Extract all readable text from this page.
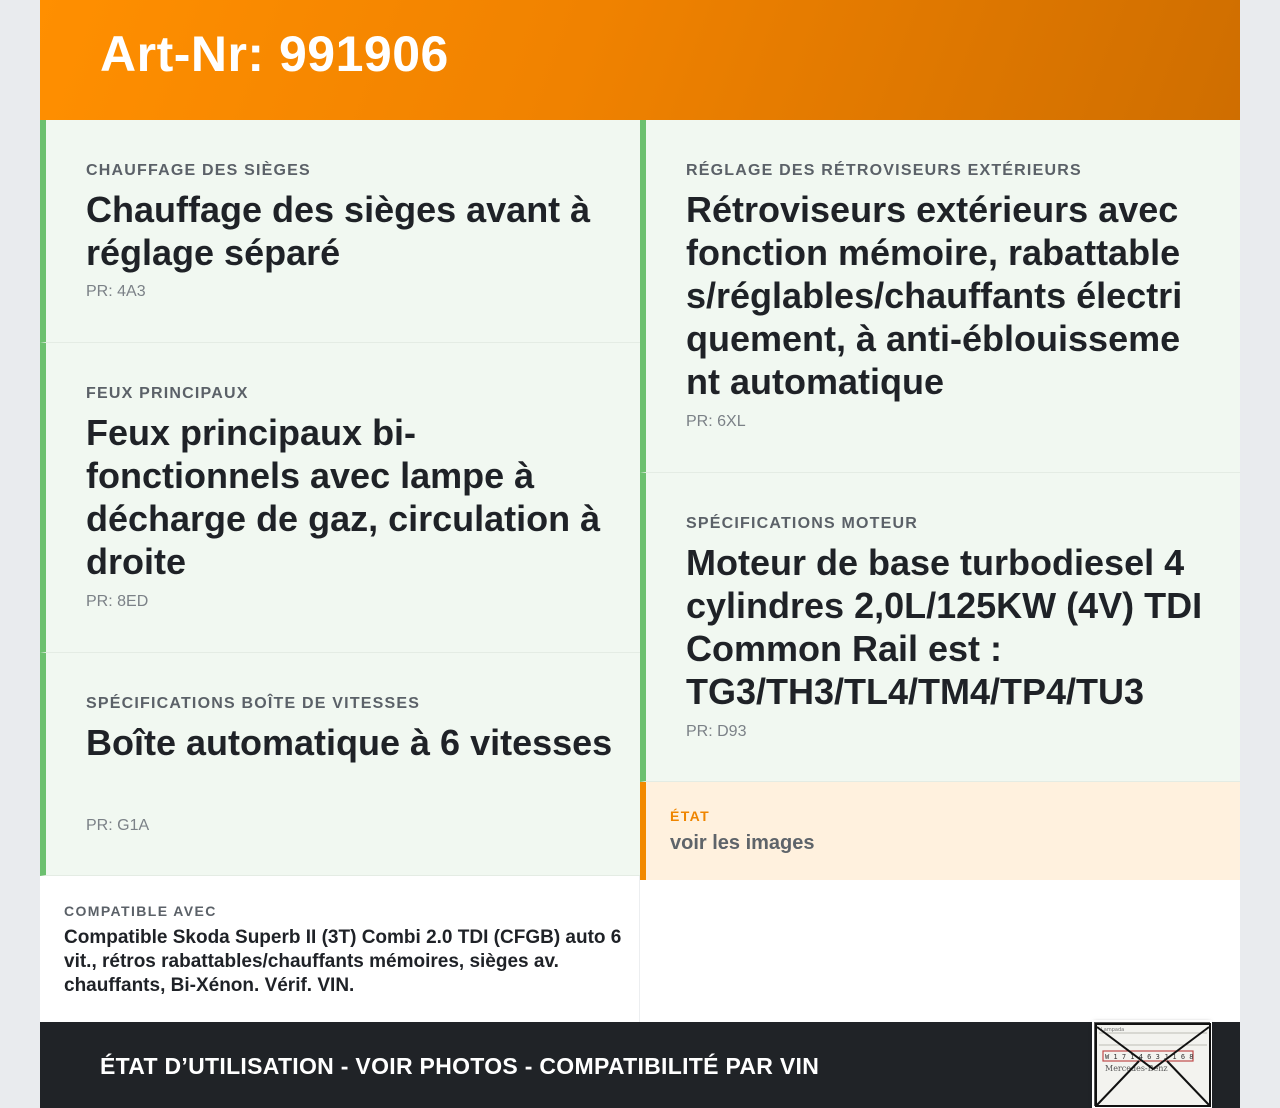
Art-Nr: 991906
CHAUFFAGE DES SIÈGES
Chauffage des sièges avant à réglage séparé
PR: 4A3
FEUX PRINCIPAUX
Feux principaux bi-fonctionnels avec lampe à décharge de gaz, circulation à droite
PR: 8ED
SPÉCIFICATIONS BOÎTE DE VITESSES
Boîte automatique à 6 vitesses
PR: G1A
RÉGLAGE DES RÉTROVISEURS EXTÉRIEURS
Rétroviseurs extérieurs avec fonction mémoire, rabattables/réglables/chauffants électriquement, à anti-éblouissement automatique
PR: 6XL
SPÉCIFICATIONS MOTEUR
Moteur de base turbodiesel 4 cylindres 2,0L/125KW (4V) TDI Common Rail est : TG3/TH3/TL4/TM4/TP4/TU3
PR: D93
ÉTAT
voir les images
COMPATIBLE AVEC
Compatible Skoda Superb II (3T) Combi 2.0 TDI (CFGB) auto 6 vit., rétros rabattables/chauffants mémoires, sièges av. chauffants, Bi-Xénon. Vérif. VIN.
ÉTAT D’UTILISATION - VOIR PHOTOS - COMPATIBILITÉ PAR VIN	W 1 7 1 4 6 3 J 1 6 8
Mercedes-Benz
Lampada
